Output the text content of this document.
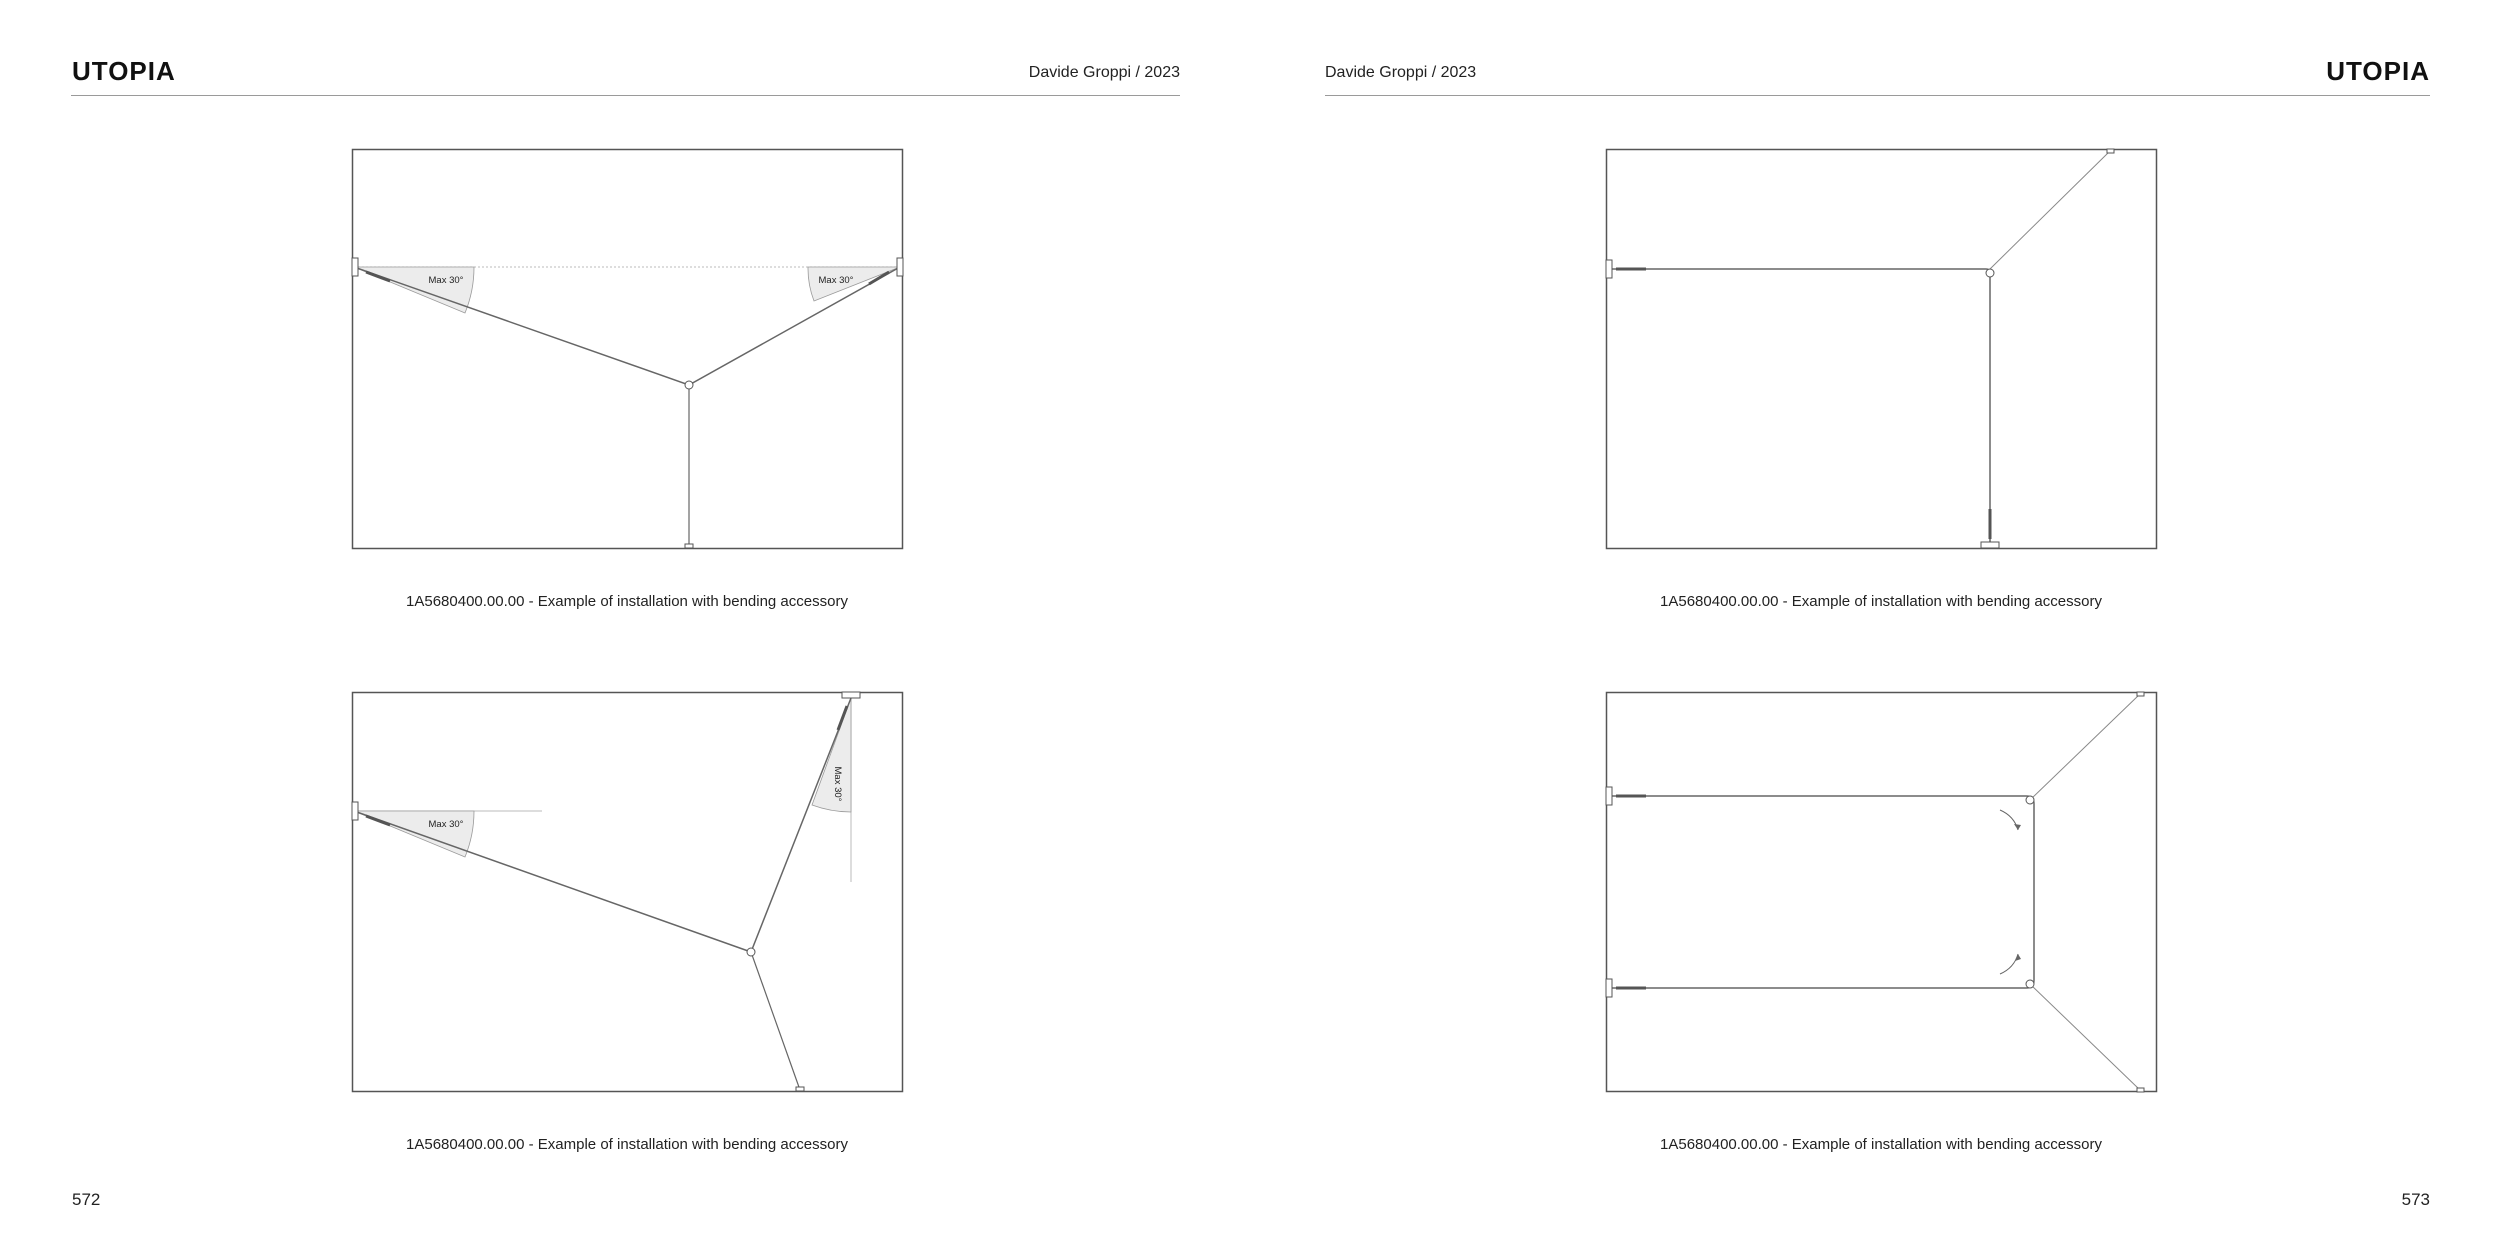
UTOPIA	Davide Groppi / 2023
Max 30°	Max 30°
1A5680400.00.00 - Example of installation with bending accessory
Max 30°
Max 30°
1A5680400.00.00 - Example of installation with bending accessory
572
Davide Groppi / 2023	UTOPIA
1A5680400.00.00 - Example of installation with bending accessory
1A5680400.00.00 - Example of installation with bending accessory
573
